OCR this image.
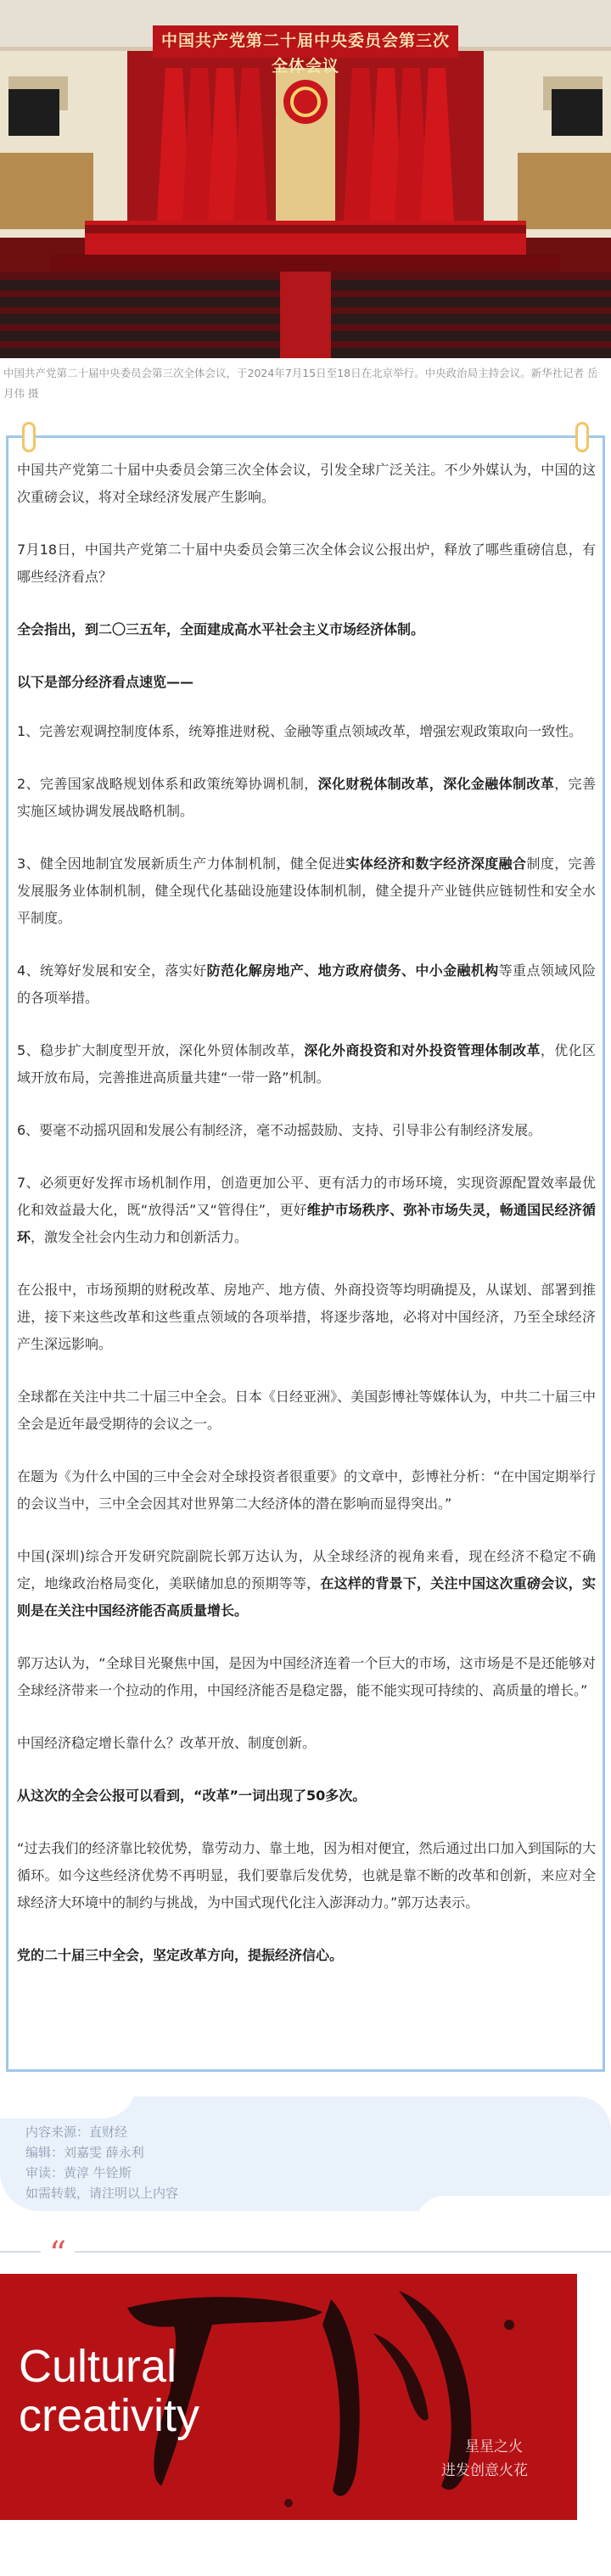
中国共产党第二十届中央委员会第三次全体会议
中国共产党第二十届中央委员会第三次全体会议，于2024年7月15日至18日在北京举行。中央政治局主持会议。新华社记者 岳月伟 摄

中国共产党第二十届中央委员会第三次全体会议，引发全球广泛关注。不少外媒认为，中国的这次重磅会议，将对全球经济发展产生影响。

7月18日，中国共产党第二十届中央委员会第三次全体会议公报出炉，释放了哪些重磅信息，有哪些经济看点？

全会指出，到二〇三五年，全面建成高水平社会主义市场经济体制。

以下是部分经济看点速览——

1、完善宏观调控制度体系，统筹推进财税、金融等重点领域改革，增强宏观政策取向一致性。

2、完善国家战略规划体系和政策统筹协调机制，深化财税体制改革，深化金融体制改革，完善实施区域协调发展战略机制。

3、健全因地制宜发展新质生产力体制机制，健全促进实体经济和数字经济深度融合制度，完善发展服务业体制机制，健全现代化基础设施建设体制机制，健全提升产业链供应链韧性和安全水平制度。

4、统筹好发展和安全，落实好防范化解房地产、地方政府债务、中小金融机构等重点领域风险的各项举措。

5、稳步扩大制度型开放，深化外贸体制改革，深化外商投资和对外投资管理体制改革，优化区域开放布局，完善推进高质量共建“一带一路”机制。

6、要毫不动摇巩固和发展公有制经济，毫不动摇鼓励、支持、引导非公有制经济发展。

7、必须更好发挥市场机制作用，创造更加公平、更有活力的市场环境，实现资源配置效率最优化和效益最大化，既“放得活”又“管得住”，更好维护市场秩序、弥补市场失灵，畅通国民经济循环，激发全社会内生动力和创新活力。

在公报中，市场预期的财税改革、房地产、地方债、外商投资等均明确提及，从谋划、部署到推进，接下来这些改革和这些重点领域的各项举措，将逐步落地，必将对中国经济，乃至全球经济产生深远影响。

全球都在关注中共二十届三中全会。日本《日经亚洲》、美国彭博社等媒体认为，中共二十届三中全会是近年最受期待的会议之一。

在题为《为什么中国的三中全会对全球投资者很重要》的文章中，彭博社分析：“在中国定期举行的会议当中，三中全会因其对世界第二大经济体的潜在影响而显得突出。”

中国(深圳)综合开发研究院副院长郭万达认为，从全球经济的视角来看，现在经济不稳定不确定，地缘政治格局变化，美联储加息的预期等等，在这样的背景下，关注中国这次重磅会议，实则是在关注中国经济能否高质量增长。

郭万达认为，“全球目光聚焦中国，是因为中国经济连着一个巨大的市场，这市场是不是还能够对全球经济带来一个拉动的作用，中国经济能否是稳定器，能不能实现可持续的、高质量的增长。”

中国经济稳定增长靠什么？改革开放、制度创新。

从这次的全会公报可以看到，“改革”一词出现了50多次。

“过去我们的经济靠比较优势，靠劳动力、靠土地，因为相对便宜，然后通过出口加入到国际的大循环。如今这些经济优势不再明显，我们要靠后发优势，也就是靠不断的改革和创新，来应对全球经济大环境中的制约与挑战，为中国式现代化注入澎湃动力。”郭万达表示。

党的二十届三中全会，坚定改革方向，提振经济信心。

内容来源：直财经
编辑：刘嘉雯 薛永利
审读：黄淳 牛铨斯
如需转载，请注明以上内容
“
Cultural
creativity
星星之火
进发创意火花
